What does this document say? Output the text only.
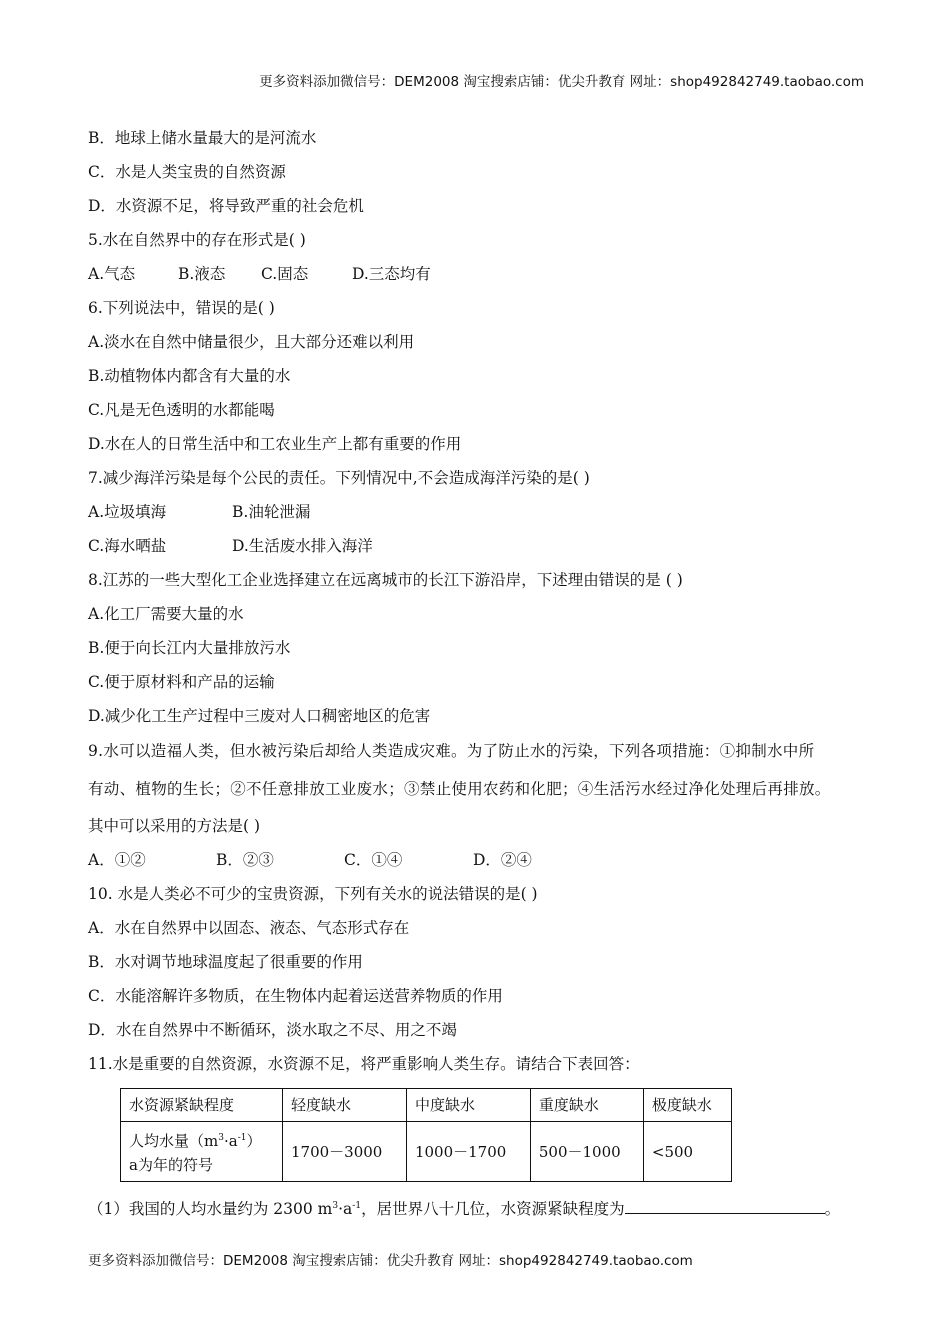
更多资料添加微信号：DEM2008 淘宝搜索店铺：优尖升教育 网址：shop492842749.taobao.com
B．地球上储水量最大的是河流水
C．水是人类宝贵的自然资源
D．水资源不足，将导致严重的社会危机
5.水在自然界中的存在形式是( )
A.气态	B.液态 C.固态	D.三态均有
6.下列说法中，错误的是( )
A.淡水在自然中储量很少，且大部分还难以利用
B.动植物体内都含有大量的水
C.凡是无色透明的水都能喝
D.水在人的日常生活中和工农业生产上都有重要的作用
7.减少海洋污染是每个公民的责任。下列情况中,不会造成海洋污染的是( )
A.垃圾填海	B.油轮泄漏
C.海水晒盐	D.生活废水排入海洋
8.江苏的一些大型化工企业选择建立在远离城市的长江下游沿岸，下述理由错误的是 ( )
A.化工厂需要大量的水
B.便于向长江内大量排放污水
C.便于原材料和产品的运输
D.减少化工生产过程中三废对人口稠密地区的危害
9.水可以造福人类，但水被污染后却给人类造成灾难。为了防止水的污染，下列各项措施：①抑制水中所
有动、植物的生长；②不任意排放工业废水；③禁止使用农药和化肥；④生活污水经过净化处理后再排放。
其中可以采用的方法是( )
A．①②	B．②③	C．①④	D．②④
10. 水是人类必不可少的宝贵资源，下列有关水的说法错误的是( )
A．水在自然界中以固态、液态、气态形式存在
B．水对调节地球温度起了很重要的作用
C．水能溶解许多物质，在生物体内起着运送营养物质的作用
D．水在自然界中不断循环，淡水取之不尽、用之不竭
11.水是重要的自然资源，水资源不足，将严重影响人类生存。请结合下表回答：
水资源紧缺程度	轻度缺水	中度缺水	重度缺水	极度缺水

人均水量$(m^3\cdot a^{-1})$
a为年的符号	1700－3000	1000－1700	500－1000	<500
（1）我国的人均水量约为 2300 $m^3\cdot a^{-1}$，居世界八十几位，水资源紧缺程度为	。
更多资料添加微信号：DEM2008 淘宝搜索店铺：优尖升教育 网址：shop492842749.taobao.com
